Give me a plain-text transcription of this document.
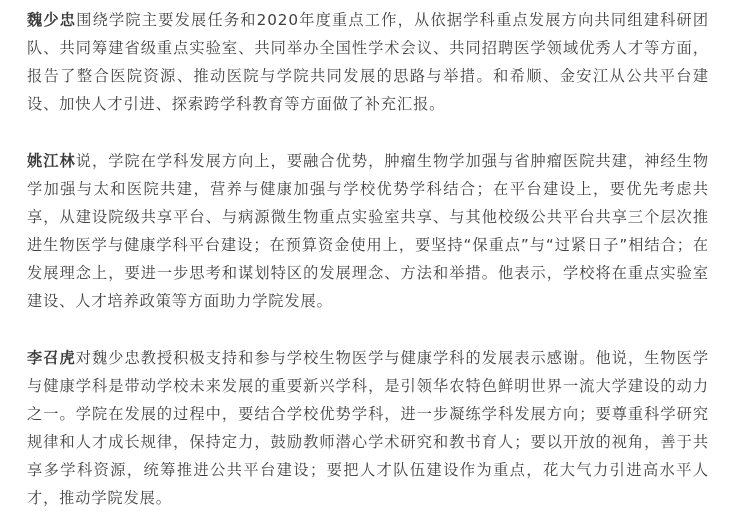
魏少忠围绕学院主要发展任务和2020年度重点工作，从依据学科重点发展方向共同组建科研团队、共同筹建省级重点实验室、共同举办全国性学术会议、共同招聘医学领域优秀人才等方面，报告了整合医院资源、推动医院与学院共同发展的思路与举措。和希顺、金安江从公共平台建设、加快人才引进、探索跨学科教育等方面做了补充汇报。

姚江林说，学院在学科发展方向上，要融合优势，肿瘤生物学加强与省肿瘤医院共建，神经生物学加强与太和医院共建，营养与健康加强与学校优势学科结合；在平台建设上，要优先考虑共享，从建设院级共享平台、与病源微生物重点实验室共享、与其他校级公共平台共享三个层次推进生物医学与健康学科平台建设；在预算资金使用上，要坚持“保重点”与“过紧日子”相结合；在发展理念上，要进一步思考和谋划特区的发展理念、方法和举措。他表示，学校将在重点实验室建设、人才培养政策等方面助力学院发展。

李召虎对魏少忠教授积极支持和参与学校生物医学与健康学科的发展表示感谢。他说，生物医学与健康学科是带动学校未来发展的重要新兴学科，是引领华农特色鲜明世界一流大学建设的动力之一。学院在发展的过程中，要结合学校优势学科，进一步凝练学科发展方向；要尊重科学研究规律和人才成长规律，保持定力，鼓励教师潜心学术研究和教书育人；要以开放的视角，善于共享多学科资源，统筹推进公共平台建设；要把人才队伍建设作为重点，花大气力引进高水平人才，推动学院发展。
